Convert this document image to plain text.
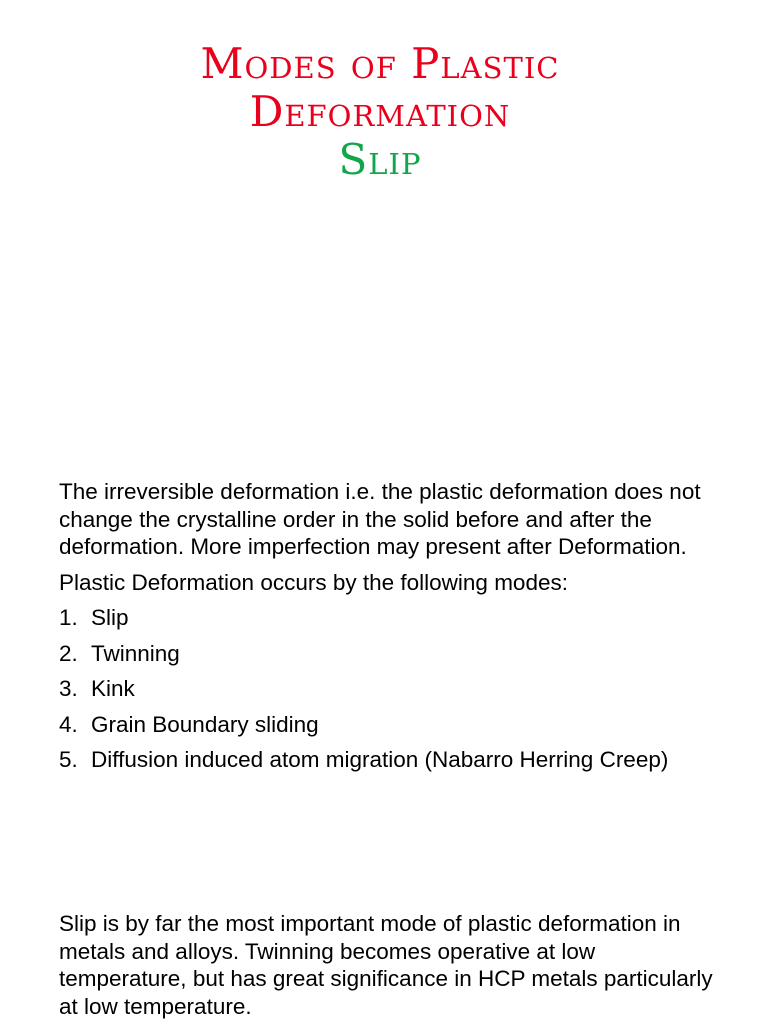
Modes of Plastic
Deformation
Slip

The irreversible deformation i.e. the plastic deformation does not change the crystalline order in the solid before and after the deformation. More imperfection may present after Deformation.

Plastic Deformation occurs by the following modes:

1. Slip
2. Twinning
3. Kink
4. Grain Boundary sliding
5. Diffusion induced atom migration (Nabarro Herring Creep)

Slip is by far the most important mode of plastic deformation in metals and alloys. Twinning becomes operative at low temperature, but has great significance in HCP metals particularly at low temperature.
